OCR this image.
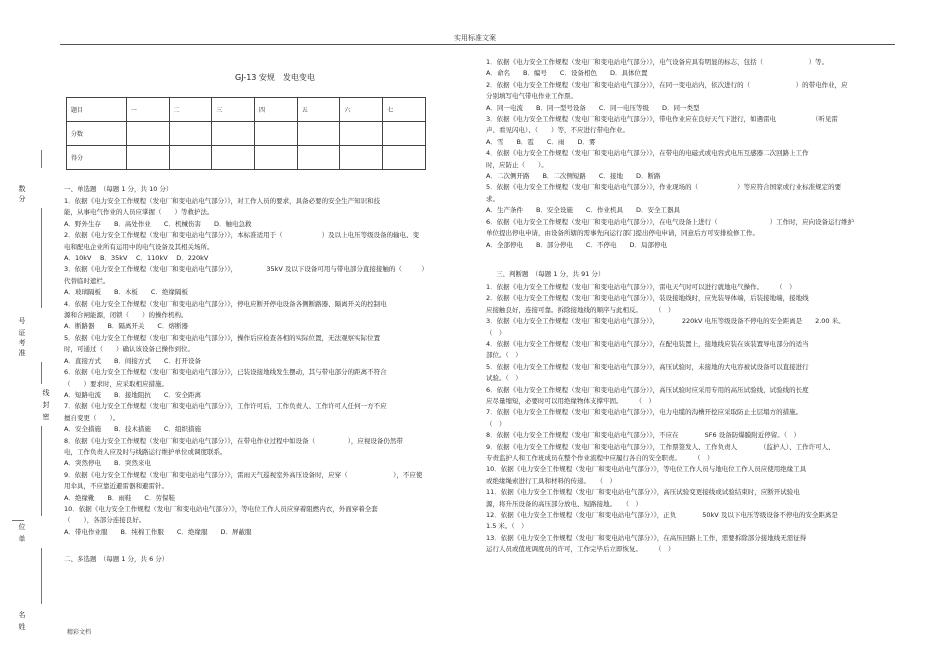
实用标准文案
数
分
号
证
考
准
线
封
密
位
单
名
姓
GJ-13 安规　发电变电
题目	一	二	三	四	五	六	七
分数							
得分							
一、单选题　（每题 1 分，共 10 分）
1．依据《电力安全工作规程（发电厂和变电站电气部分）》，对工作人员的要求，具备必要的安全生产知识和技
能，从事电气作业的人员应掌握（　　）等救护法。
A．野外生存　　B．高处作业　　C．机械伤害　　D．触电急救
2．依据《电力安全工作规程（发电厂和变电站电气部分）》，本标准适用于（　　　　　　）及以上电压等级设备的输电、变
电和配电企业所有运用中的电气设备及其相关场所。
A．10kV　 B．35kV　 C．110kV　 D．220kV
3．依据《电力安全工作规程（发电厂和变电站电气部分）》，　　　　　35kV 及以下设备可用与带电部分直接接触的（　　　）
代替临时遮栏。
A．玻璃隔板　　B．木板　　C．绝缘隔板
4．依据《电力安全工作规程（发电厂和变电站电气部分）》，停电应断开停电设备各侧断路器、隔离开关的控制电
源和合闸能源，闭锁（　　）的操作机构。
A．断路器　　B．隔离开关　　C．熔断器
5．依据《电力安全工作规程（发电厂和变电站电气部分）》，操作后应检查各相的实际位置，无法观察实际位置
时，可通过（　　）确认该设备已操作到位。
A．直接方式　　B．间接方式　　C．打开设备
6．依据《电力安全工作规程（发电厂和变电站电气部分）》，已装设接地线发生摆动，其与带电部分的距离不符合
（　　）要求时，应采取相应措施。
A．短路电流　　B．接地阻抗　　C．安全距离
7．依据《电力安全工作规程（发电厂和变电站电气部分）》，工作许可后，工作负责人、工作许可人任何一方不应
擅自变更（　　）。
A．安全措施　　B．技术措施　　C．组织措施
8．依据《电力安全工作规程（发电厂和变电站电气部分）》，在带电作业过程中如设备（　　　　　），应视设备仍然带
电，工作负责人应及时与线路运行维护单位或调度联系。
A．突然停电　　B．突然来电
9．依据《电力安全工作规程（发电厂和变电站电气部分）》，雷雨天气巡视室外高压设备时，应穿（　　　　　　　），不应使
用伞具，不应靠近避雷器和避雷针。
A．绝缘靴　　B．雨鞋　　C．劳保鞋
10．依据《电力安全工作规程（发电厂和变电站电气部分）》，等电位工作人员应穿着阻燃内衣，外面穿着全套
（　　），各部分连接良好。
A．带电作业服　　B．纯棉工作服　　C．绝缘服　　D．屏蔽服
二、多选题　（每题 1 分，共 6 分）
1．依据《电力安全工作规程（发电厂和变电站电气部分）》，电气设备应具有明显的标志，包括（　　　　　　　）等。
A．命名　　B．编号　　C．设备相色　　D．具体位置
2．依据《电力安全工作规程（发电厂和变电站电气部分）》，在同一变电站内，依次进行的（　　　　　　　）的带电作业，应
分别填写电气带电作业工作票。
A．同一电流　　B．同一型号设备　　C．同一电压等级　　D．同一类型
3．依据《电力安全工作规程（发电厂和变电站电气部分）》，带电作业应在良好天气下进行，如遇雷电　　　　　　（听见雷
声、看见闪电）、（　　）等，不应进行带电作业。
A．雪　　B．雹　　C．雨　　D．雾
4．依据《电力安全工作规程（发电厂和变电站电气部分）》，在带电的电磁式或电容式电压互感器二次回路上工作
时，应防止（　　）。
A．二次侧开路　　B．二次侧短路　　C．接地　　D．断路
5．依据《电力安全工作规程（发电厂和变电站电气部分）》，作业现场的（　　　　　　）等应符合国家或行业标准规定的要
求。
A．生产条件　　B．安全设施　　C．作业机具　　D．安全工器具
6．依据《电力安全工作规程（发电厂和变电站电气部分）》，在电气设备上进行（　　　　　　　　）工作时，应向设备运行维护
单位提出停电申请，由设备所辖的需事先向运行部门提出停电申请，同意后方可安排检修工作。
A．全部停电　　B．部分停电　　C．不停电　　D．局部停电
三、判断题　（每题 1 分，共 91 分）
1．依据《电力安全工作规程（发电厂和变电站电气部分）》，雷电天气时可以进行就地电气操作。　　　（　）
2．依据《电力安全工作规程（发电厂和变电站电气部分）》，装设接地线时，应先装导体端，后装接地端，接地线
应接触良好，连接可靠。拆除接地线的顺序与此相反。　　　（　）
3．依据《电力安全工作规程（发电厂和变电站电气部分）》，　　　　220kV 电压等级设备不停电的安全距离是　　2.00 米。
（　）
4．依据《电力安全工作规程（发电厂和变电站电气部分）》，在配电装置上，接地线应装在该装置导电部分的适当
部位。（　）
5．依据《电力安全工作规程（发电厂和变电站电气部分）》，高压试验时，未接地的大电容被试设备可以直接进行
试验。（　）
6．依据《电力安全工作规程（发电厂和变电站电气部分）》，高压试验时应采用专用的高压试验线，试验线的长度
应尽量缩短，必要时可以用绝缘物体支撑牢固。　　　（　）
7．依据《电力安全工作规程（发电厂和变电站电气部分）》，电力电缆的沟槽开挖应采取防止土层塌方的措施。
（　）
8．依据《电力安全工作规程（发电厂和变电站电气部分）》，不应在　　　　SF6 设备防爆膜附近停留。（　）
9．依据《电力安全工作规程（发电厂和变电站电气部分）》，工作票签发人、工作负责人　　　　（监护人）、工作许可人、
专责监护人和工作班成员在整个作业流程中应履行各自的安全职责。　　　（　）
10．依据《电力安全工作规程（发电厂和变电站电气部分）》，等电位工作人员与地电位工作人员应使用绝缘工具
或绝缘绳索进行工具和材料的传递。　　（　）
11．依据《电力安全工作规程（发电厂和变电站电气部分）》，高压试验变更接线或试验结束时，应断开试验电
源，将升压设备的高压部分放电、短路接地。　　（　）
12．依据《电力安全工作规程（发电厂和变电站电气部分）》，正负　　　　50kV 及以下电压等级设备不停电的安全距离是
1.5 米。（　）
13．依据《电力安全工作规程（发电厂和变电站电气部分）》，在高压回路上工作，需要拆除部分接地线无需征得
运行人员或值班调度员的许可，工作完毕后立即恢复。　　　（　）
精彩文档
